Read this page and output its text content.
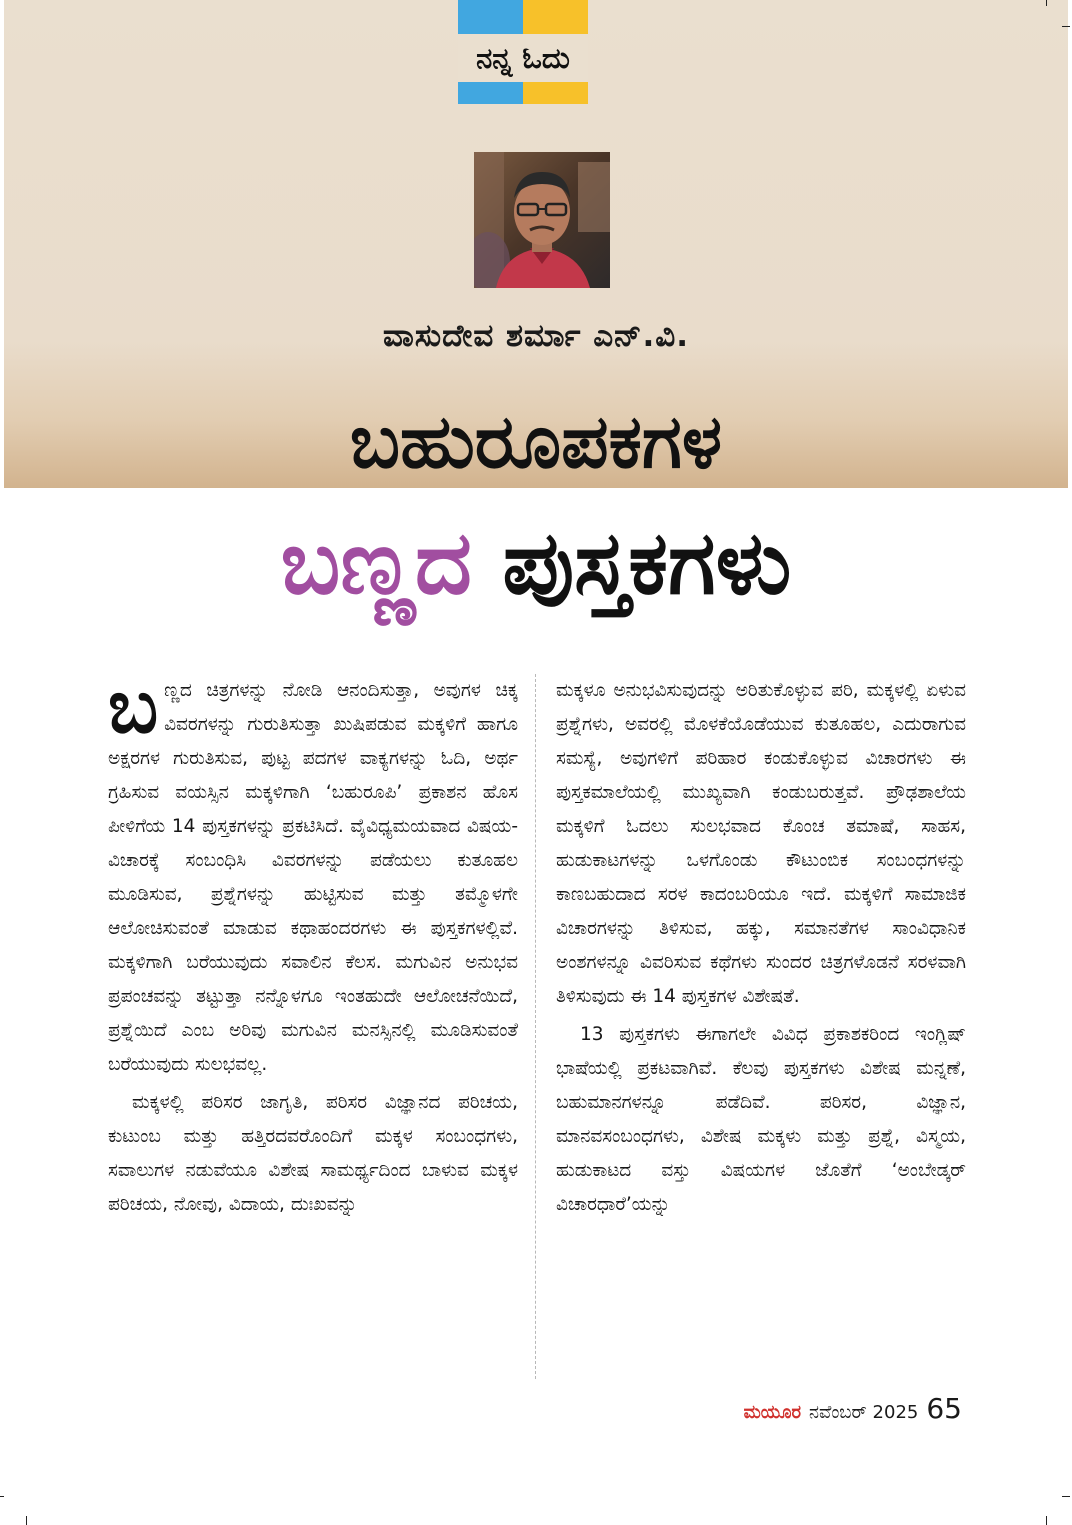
ನನ್ನ ಓದು
ವಾಸುದೇವ ಶರ್ಮಾ ಎನ್.ವಿ.
ಬಹುರೂಪಕಗಳ
ಬಣ್ಣದ ಪುಸ್ತಕಗಳು

ಬಣ್ಣದ ಚಿತ್ರಗಳನ್ನು ನೋಡಿ ಆನಂದಿಸುತ್ತಾ, ಅವುಗಳ ಚಿಕ್ಕ ವಿವರಗಳನ್ನು ಗುರುತಿಸುತ್ತಾ ಖುಷಿಪಡುವ ಮಕ್ಕಳಿಗೆ ಹಾಗೂ ಅಕ್ಷರಗಳ ಗುರುತಿಸುವ, ಪುಟ್ಟ ಪದಗಳ ವಾಕ್ಯಗಳನ್ನು ಓದಿ, ಅರ್ಥ ಗ್ರಹಿಸುವ ವಯಸ್ಸಿನ ಮಕ್ಕಳಿಗಾಗಿ ‘ಬಹುರೂಪಿ’ ಪ್ರಕಾಶನ ಹೊಸ ಪೀಳಿಗೆಯ 14 ಪುಸ್ತಕಗಳನ್ನು ಪ್ರಕಟಿಸಿದೆ. ವೈವಿಧ್ಯಮಯವಾದ ವಿಷಯ-ವಿಚಾರಕ್ಕೆ ಸಂಬಂಧಿಸಿ ವಿವರಗಳನ್ನು ಪಡೆಯಲು ಕುತೂಹಲ ಮೂಡಿಸುವ, ಪ್ರಶ್ನೆಗಳನ್ನು ಹುಟ್ಟಿಸುವ ಮತ್ತು ತಮ್ಮೊಳಗೇ ಆಲೋಚಿಸುವಂತೆ ಮಾಡುವ ಕಥಾಹಂದರಗಳು ಈ ಪುಸ್ತಕಗಳಲ್ಲಿವೆ. ಮಕ್ಕಳಿಗಾಗಿ ಬರೆಯುವುದು ಸವಾಲಿನ ಕೆಲಸ. ಮಗುವಿನ ಅನುಭವ ಪ್ರಪಂಚವನ್ನು ತಟ್ಟುತ್ತಾ ನನ್ನೊಳಗೂ ಇಂತಹುದೇ ಆಲೋಚನೆಯಿದೆ, ಪ್ರಶ್ನೆಯಿದೆ ಎಂಬ ಅರಿವು ಮಗುವಿನ ಮನಸ್ಸಿನಲ್ಲಿ ಮೂಡಿಸುವಂತೆ ಬರೆಯುವುದು ಸುಲಭವಲ್ಲ.

ಮಕ್ಕಳಲ್ಲಿ ಪರಿಸರ ಜಾಗೃತಿ, ಪರಿಸರ ವಿಜ್ಞಾನದ ಪರಿಚಯ, ಕುಟುಂಬ ಮತ್ತು ಹತ್ತಿರದವರೊಂದಿಗೆ ಮಕ್ಕಳ ಸಂಬಂಧಗಳು, ಸವಾಲುಗಳ ನಡುವೆಯೂ ವಿಶೇಷ ಸಾಮರ್ಥ್ಯದಿಂದ ಬಾಳುವ ಮಕ್ಕಳ ಪರಿಚಯ, ನೋವು, ವಿದಾಯ, ದುಃಖವನ್ನು

ಮಕ್ಕಳೂ ಅನುಭವಿಸುವುದನ್ನು ಅರಿತುಕೊಳ್ಳುವ ಪರಿ, ಮಕ್ಕಳಲ್ಲಿ ಏಳುವ ಪ್ರಶ್ನೆಗಳು, ಅವರಲ್ಲಿ ಮೊಳಕೆಯೊಡೆಯುವ ಕುತೂಹಲ, ಎದುರಾಗುವ ಸಮಸ್ಯೆ, ಅವುಗಳಿಗೆ ಪರಿಹಾರ ಕಂಡುಕೊಳ್ಳುವ ವಿಚಾರಗಳು ಈ ಪುಸ್ತಕಮಾಲೆಯಲ್ಲಿ ಮುಖ್ಯವಾಗಿ ಕಂಡುಬರುತ್ತವೆ. ಪ್ರೌಢಶಾಲೆಯ ಮಕ್ಕಳಿಗೆ ಓದಲು ಸುಲಭವಾದ ಕೊಂಚ ತಮಾಷೆ, ಸಾಹಸ, ಹುಡುಕಾಟಗಳನ್ನು ಒಳಗೊಂಡು ಕೌಟುಂಬಿಕ ಸಂಬಂಧಗಳನ್ನು ಕಾಣಬಹುದಾದ ಸರಳ ಕಾದಂಬರಿಯೂ ಇದೆ. ಮಕ್ಕಳಿಗೆ ಸಾಮಾಜಿಕ ವಿಚಾರಗಳನ್ನು ತಿಳಿಸುವ, ಹಕ್ಕು, ಸಮಾನತೆಗಳ ಸಾಂವಿಧಾನಿಕ ಅಂಶಗಳನ್ನೂ ವಿವರಿಸುವ ಕಥೆಗಳು ಸುಂದರ ಚಿತ್ರಗಳೊಡನೆ ಸರಳವಾಗಿ ತಿಳಿಸುವುದು ಈ 14 ಪುಸ್ತಕಗಳ ವಿಶೇಷತೆ.

13 ಪುಸ್ತಕಗಳು ಈಗಾಗಲೇ ವಿವಿಧ ಪ್ರಕಾಶಕರಿಂದ ಇಂಗ್ಲಿಷ್ ಭಾಷೆಯಲ್ಲಿ ಪ್ರಕಟವಾಗಿವೆ. ಕೆಲವು ಪುಸ್ತಕಗಳು ವಿಶೇಷ ಮನ್ನಣೆ, ಬಹುಮಾನಗಳನ್ನೂ ಪಡೆದಿವೆ. ಪರಿಸರ, ವಿಜ್ಞಾನ, ಮಾನವಸಂಬಂಧಗಳು, ವಿಶೇಷ ಮಕ್ಕಳು ಮತ್ತು ಪ್ರಶ್ನೆ, ವಿಸ್ಮಯ, ಹುಡುಕಾಟದ ವಸ್ತು ವಿಷಯಗಳ ಜೊತೆಗೆ ‘ಅಂಬೇಡ್ಕರ್ ವಿಚಾರಧಾರೆ’ಯನ್ನು

ಮಯೂರ ನವೆಂಬರ್ 2025 65
